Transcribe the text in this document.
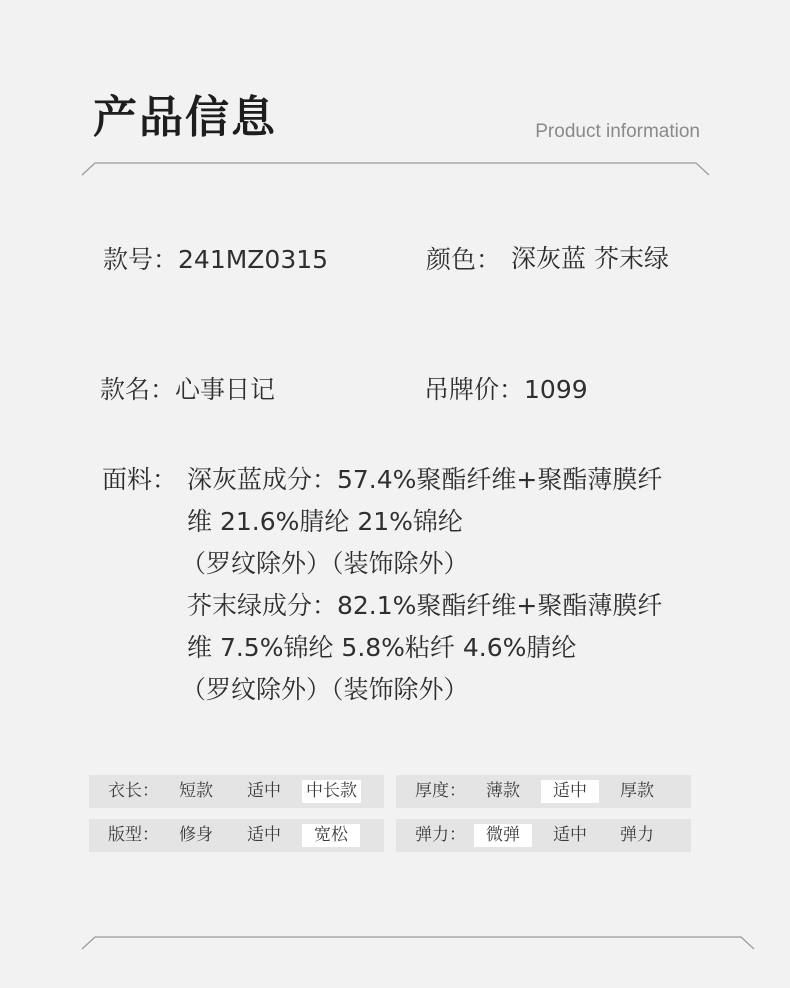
产品信息	Product information
款号：241MZ0315	颜色： 深灰蓝 芥末绿
款名：心事日记	吊牌价：1099
面料： 深灰蓝成分：57.4%聚酯纤维+聚酯薄膜纤
维 21.6%腈纶 21%锦纶
（罗纹除外）（装饰除外）
芥末绿成分：82.1%聚酯纤维+聚酯薄膜纤
维 7.5%锦纶 5.8%粘纤 4.6%腈纶
（罗纹除外）（装饰除外）
衣长： 短款 适中 中长款	厚度： 薄款	适中	厚款
版型： 修身 适中	宽松	弹力：	微弹	适中 弹力
